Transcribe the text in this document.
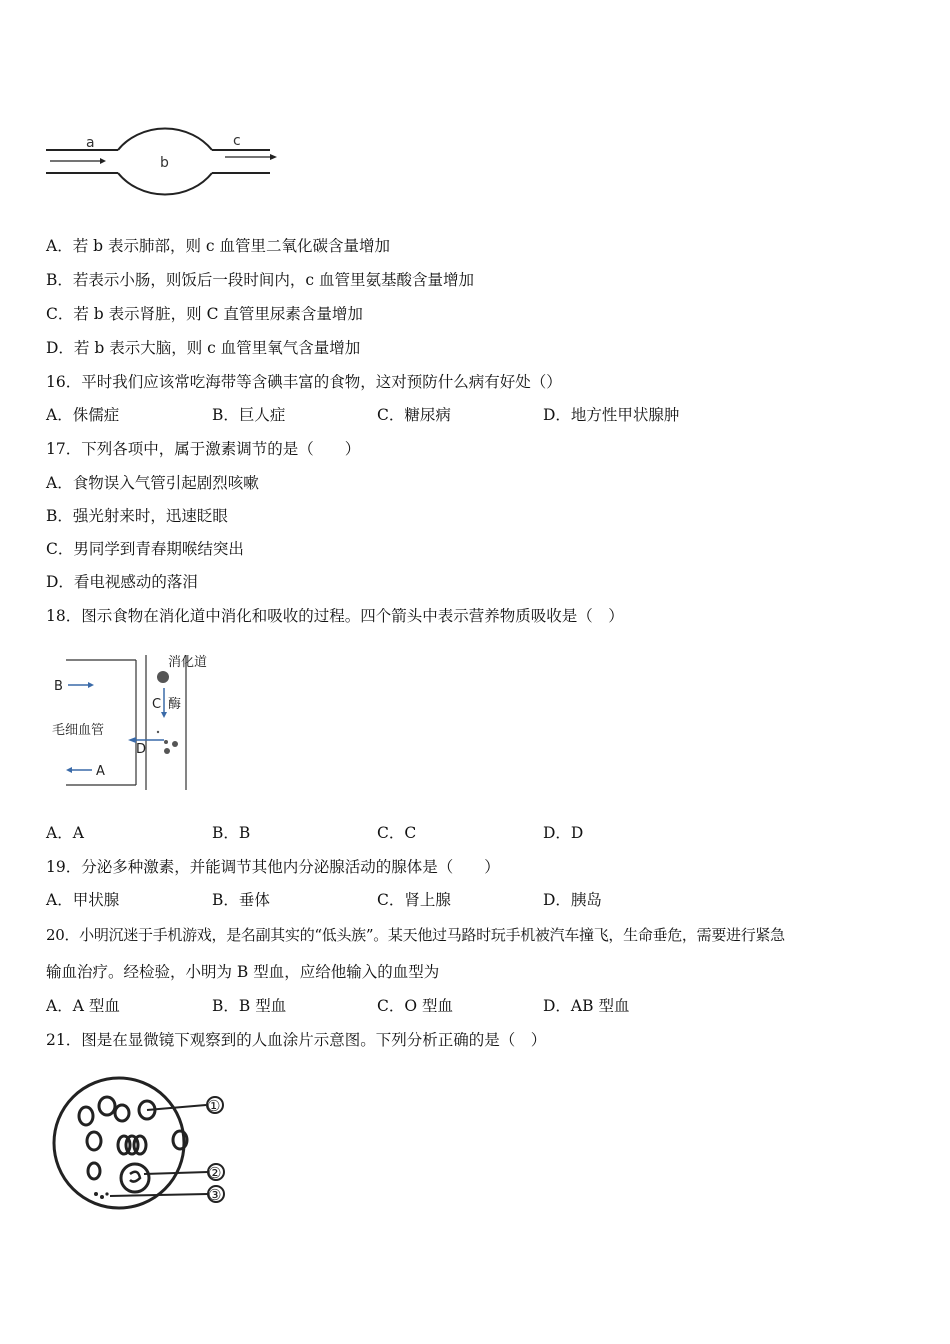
a
b
c
A．若 b 表示肺部，则 c 血管里二氧化碳含量增加
B．若表示小肠，则饭后一段时间内，c 血管里氨基酸含量增加
C．若 b 表示肾脏，则 C 直管里尿素含量增加
D．若 b 表示大脑，则 c 血管里氧气含量增加
16．平时我们应该常吃海带等含碘丰富的食物，这对预防什么病有好处（）
A．侏儒症	B．巨人症	C．糖尿病	D．地方性甲状腺肿
17．下列各项中，属于激素调节的是（　　）
A．食物误入气管引起剧烈咳嗽
B．强光射来时，迅速眨眼
C．男同学到青春期喉结突出
D．看电视感动的落泪
18．图示食物在消化道中消化和吸收的过程。四个箭头中表示营养物质吸收是（　）
消化道
B
毛细血管
A
C 酶
D
A．A	B．B	C．C	D．D
19．分泌多种激素，并能调节其他内分泌腺活动的腺体是（　　）
A．甲状腺	B．垂体	C．肾上腺	D．胰岛
20．小明沉迷于手机游戏，是名副其实的“低头族”。某天他过马路时玩手机被汽车撞飞，生命垂危，需要进行紧急
输血治疗。经检验，小明为 B 型血，应给他输入的血型为
A．A 型血	B．B 型血	C．O 型血	D．AB 型血
21．图是在显微镜下观察到的人血涂片示意图。下列分析正确的是（　）
①
②
③
